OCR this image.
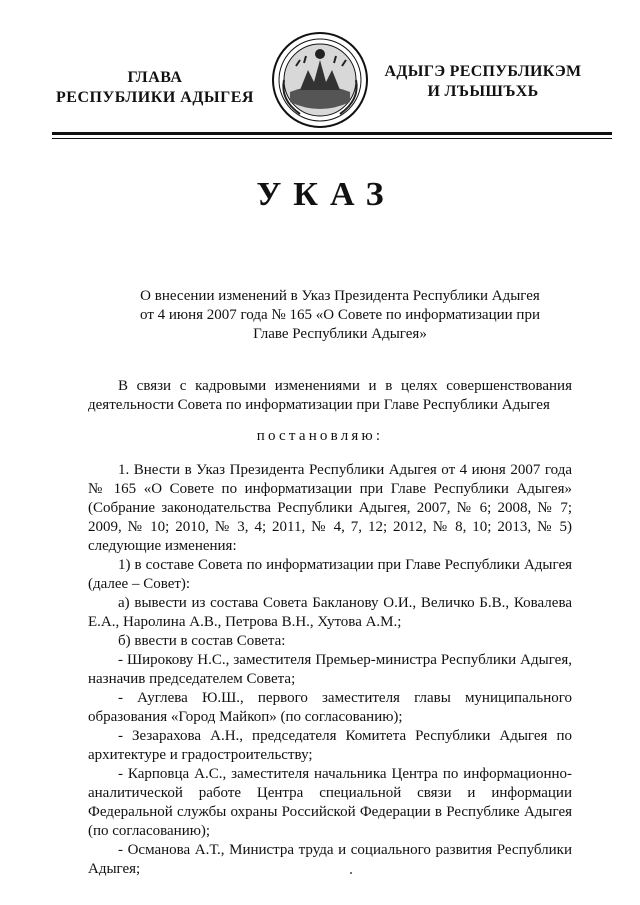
ГЛАВА
РЕСПУБЛИКИ АДЫГЕЯ
АДЫГЭ РЕСПУБЛИКЭМ
И ЛЪЫШЪХЬ
УКАЗ
О внесении изменений в Указ Президента Республики Адыгея
от 4 июня 2007 года № 165 «О Совете по информатизации при
Главе Республики Адыгея»

В связи с кадровыми изменениями и в целях совершенствования деятельности Совета по информатизации при Главе Республики Адыгея

постановляю:

1. Внести в Указ Президента Республики Адыгея от 4 июня 2007 года № 165 «О Совете по информатизации при Главе Республики Адыгея» (Собрание законодательства Республики Адыгея, 2007, № 6; 2008, № 7; 2009, № 10; 2010, № 3, 4; 2011, № 4, 7, 12; 2012, № 8, 10; 2013, № 5) следующие изменения:

1) в составе Совета по информатизации при Главе Республики Адыгея (далее – Совет):

а) вывести из состава Совета Бакланову О.И., Величко Б.В., Ковалева Е.А., Наролина А.В., Петрова В.Н., Хутова А.М.;

б) ввести в состав Совета:

- Широкову Н.С., заместителя Премьер-министра Республики Адыгея, назначив председателем Совета;

- Ауглева Ю.Ш., первого заместителя главы муниципального образования «Город Майкоп» (по согласованию);

- Зезарахова А.Н., председателя Комитета Республики Адыгея по архитектуре и градостроительству;

- Карповца А.С., заместителя начальника Центра по информационно-аналитической работе Центра специальной связи и информации Федеральной службы охраны Российской Федерации в Республике Адыгея (по согласованию);

- Османова А.Т., Министра труда и социального развития Республики Адыгея;
